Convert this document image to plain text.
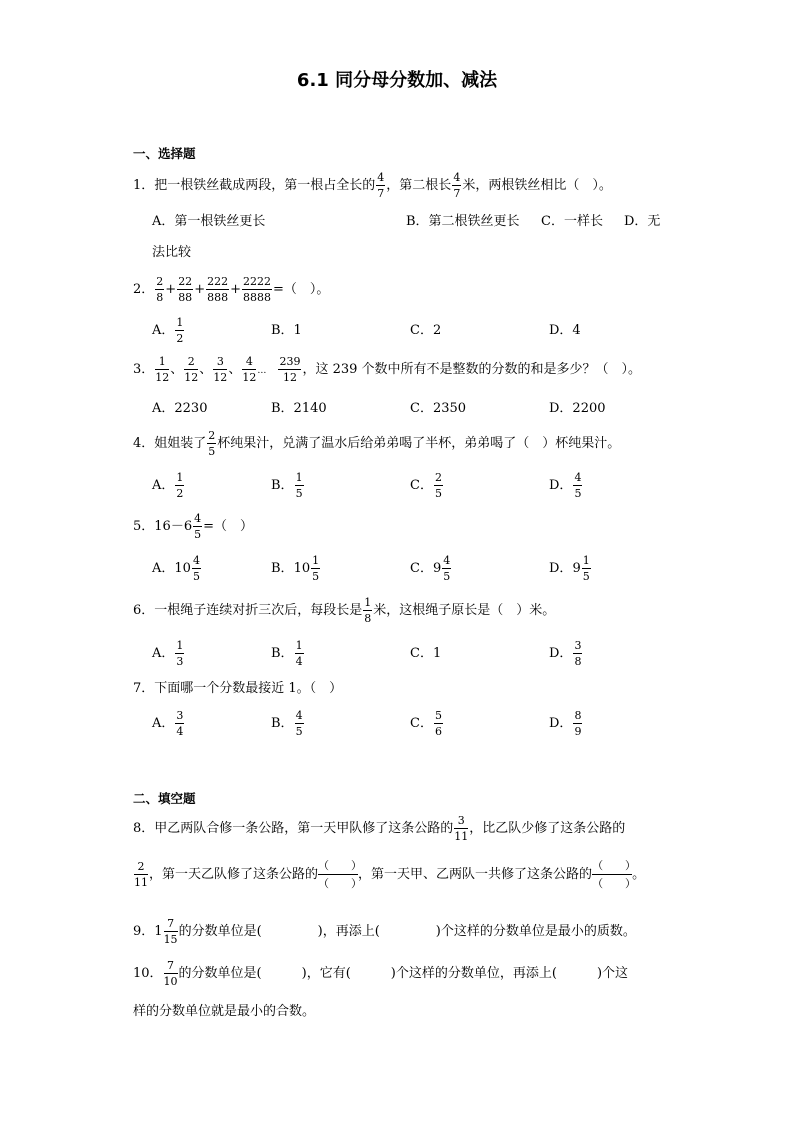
6.1 同分母分数加、减法
一、选择题
1．把一根铁丝截成两段，第一根占全长的 $\frac{4}{7}$ ，第二根长 $\frac{4}{7}$ 米，两根铁丝相比（　）。
A．第一根铁丝更长	B．第二根铁丝更长 C．一样长 D．无
法比较
2． $\frac{2}{8} + \frac{22}{88} + \frac{222}{888} + \frac{2222}{8888}$ =（　）。
A． $\frac{1}{2}$	B．1	C．2	D．4
3． $\frac{1}{12}$ 、 $\frac{2}{12}$ 、 $\frac{3}{12}$ 、 $\frac{4}{12}$ … $\frac{239}{12}$ ，这 239 个数中所有不是整数的分数的和是多少？（　）。
A．2230	B．2140	C．2350	D．2200
4．姐姐装了 $\frac{2}{5}$ 杯纯果汁，兑满了温水后给弟弟喝了半杯，弟弟喝了（　）杯纯果汁。
A． $\frac{1}{2}$	B． $\frac{1}{5}$	C． $\frac{2}{5}$	D． $\frac{4}{5}$
5．$16-6 \frac{4}{5}$ =（　）
A．$10 \frac{4}{5}$	B．$10 \frac{1}{5}$	C．$9 \frac{4}{5}$	D．$9 \frac{1}{5}$
6．一根绳子连续对折三次后，每段长是 $\frac{1}{8}$ 米，这根绳子原长是（　）米。
A． $\frac{1}{3}$	B． $\frac{1}{4}$	C．1	D． $\frac{3}{8}$
7．下面哪一个分数最接近 1。（　）
A． $\frac{3}{4}$	B． $\frac{4}{5}$	C． $\frac{5}{6}$	D． $\frac{8}{9}$
二、填空题
8．甲乙两队合修一条公路，第一天甲队修了这条公路的 $\frac{3}{11}$ ，比乙队少修了这条公路的
$\frac{2}{11}$ ，第一天乙队修了这条公路的
（　　）
（　　）
，第一天甲、乙两队一共修了这条公路的
（　　）
（　　）
。
9．$1 \frac{7}{15}$ 的分数单位是(	)，再添上(	)个这样的分数单位是最小的质数。
10． $\frac{7}{10}$ 的分数单位是(	)，它有(	)个这样的分数单位，再添上(	)个这
样的分数单位就是最小的合数。
